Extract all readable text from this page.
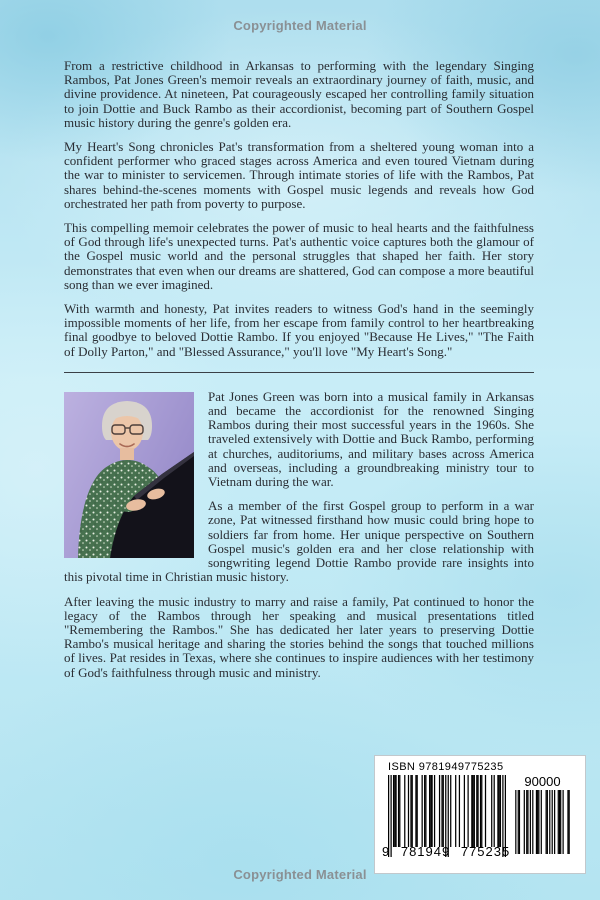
Copyrighted Material

From a restrictive childhood in Arkansas to performing with the legendary Singing Rambos, Pat Jones Green's memoir reveals an extraordinary journey of faith, music, and divine providence. At nineteen, Pat courageously escaped her controlling family situation to join Dottie and Buck Rambo as their accordionist, becoming part of Southern Gospel music history during the genre's golden era.

My Heart's Song chronicles Pat's transformation from a sheltered young woman into a confident performer who graced stages across America and even toured Vietnam during the war to minister to servicemen. Through intimate stories of life with the Rambos, Pat shares behind-the-scenes moments with Gospel music legends and reveals how God orchestrated her path from poverty to purpose.

This compelling memoir celebrates the power of music to heal hearts and the faithfulness of God through life's unexpected turns. Pat's authentic voice captures both the glamour of the Gospel music world and the personal struggles that shaped her faith. Her story demonstrates that even when our dreams are shattered, God can compose a more beautiful song than we ever imagined.

With warmth and honesty, Pat invites readers to witness God's hand in the seemingly impossible moments of her life, from her escape from family control to her heartbreaking final goodbye to beloved Dottie Rambo. If you enjoyed "Because He Lives," "The Faith of Dolly Parton," and "Blessed Assurance," you'll love "My Heart's Song."

Pat Jones Green was born into a musical family in Arkansas and became the accordionist for the renowned Singing Rambos during their most successful years in the 1960s. She traveled extensively with Dottie and Buck Rambo, performing at churches, auditoriums, and military bases across America and overseas, including a groundbreaking ministry tour to Vietnam during the war.

As a member of the first Gospel group to perform in a war zone, Pat witnessed firsthand how music could bring hope to soldiers far from home. Her unique perspective on Southern Gospel music's golden era and her close relationship with songwriting legend Dottie Rambo provide rare insights into this pivotal time in Christian music history.

After leaving the music industry to marry and raise a family, Pat continued to honor the legacy of the Rambos through her speaking and musical presentations titled "Remembering the Rambos." She has dedicated her later years to preserving Dottie Rambo's musical heritage and sharing the stories behind the songs that touched millions of lives. Pat resides in Texas, where she continues to inspire audiences with her testimony of God's faithfulness through music and ministry.

ISBN 9781949775235
9 781949 775235
90000
Copyrighted Material
